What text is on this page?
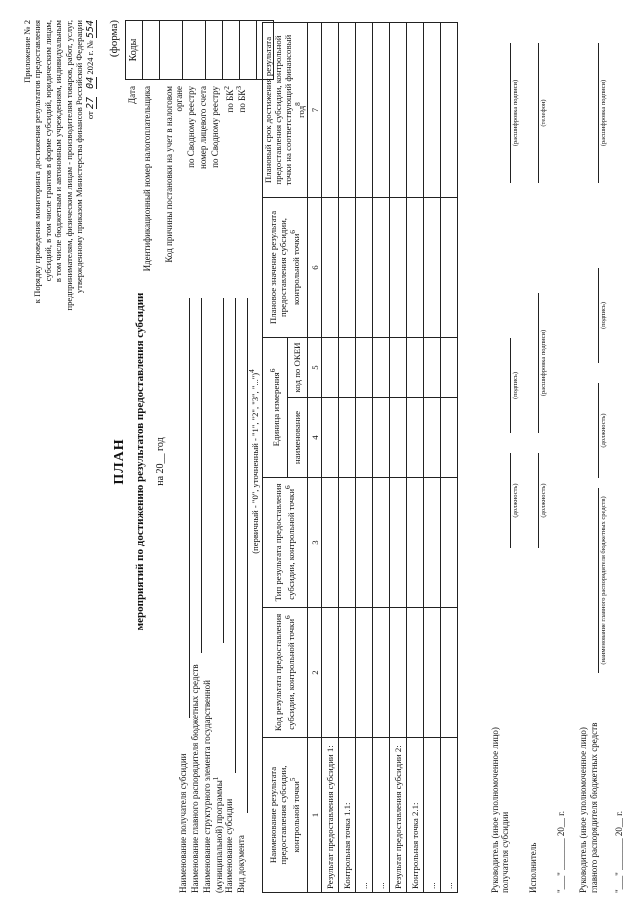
Приложение № 2 к Порядку проведения мониторинга достижения результатов предоставления субсидий, в том числе грантов в форме субсидий, юридическим лицам, в том числе бюджетным и автономным учреждениям, индивидуальным предпринимателям, физическим лицам - производителям товаров, работ, услуг, утвержденному приказом Министерства финансов Российской Федерации от 27 04 2024 г. № 554
ПЛАН мероприятий по достижению результатов предоставления субсидии на 20__ год
(форма) Коды
Дата Идентификационный номер налогоплательщика Код причины постановки на учет в налоговом органе по Сводному реестру номер лицевого счета по Сводному реестру по $БК^2$
по $БК^3$
Наименование получателя субсидии Наименование главного распорядителя бюджетных средств Наименование структурного элемента государственной (муниципальной) программы$^1$
Наименование субсидии Вид документа
(первичный - "0", уточненный - "1", "2", "3", "...")$^4$
Наименование результата предоставления субсидии, контрольной точки$^5$	Код результата предоставления субсидии, контрольной точки$^6$	Тип результата предоставления субсидии, контрольной точки$^6$	Единица измерения$^6$		Плановое значение результата предоставления субсидии, контрольной точки$^6$	Плановый срок достижения результата предоставления субсидии, контрольной точки на соответствующий финансовый год$^8$
			наименование	код по ОКЕИ		
1	2	3	4	5	6	7
Результат предоставления субсидии 1:						
Контрольная точка 1.1:						
...						
...						
Результат предоставления субсидии 2:						
Контрольная точка 2.1:						
...						
...							Руководитель (иное уполномоченное лицо) получателя субсидии
(должность)
(подпись)
(расшифровка подписи)
Исполнитель
(должность)
(расшифровка подписи)
(телефон)
"___" _______ 20__ г. Руководитель (иное уполномоченное лицо) главного распорядителя бюджетных средств
(наименование главного распорядителя бюджетных средств)
(должность)
(подпись)
(расшифровка подписи)
"___" _______ 20__ г.
